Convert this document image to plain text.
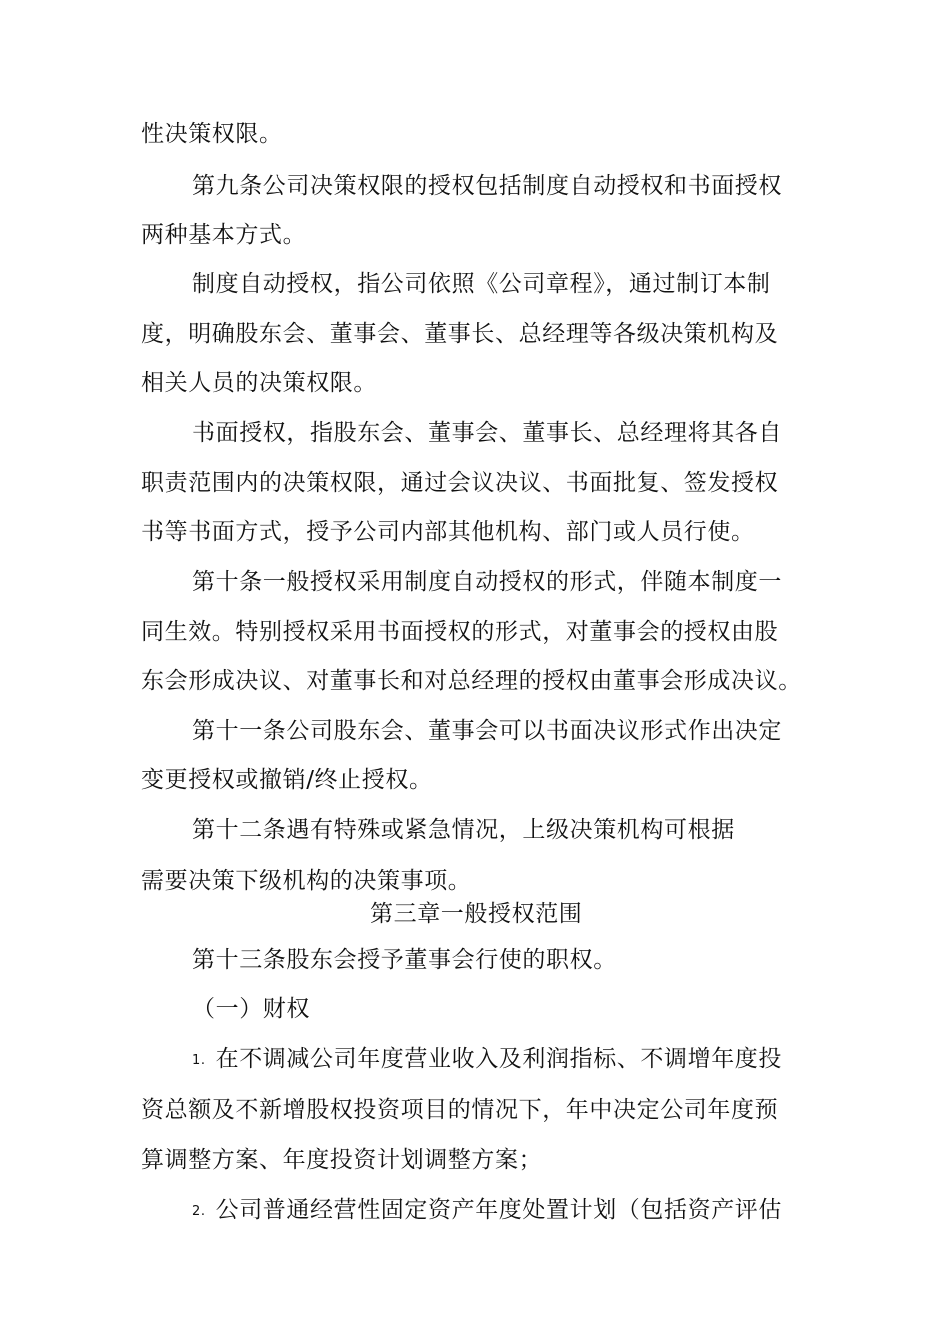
性决策权限。
第九条公司决策权限的授权包括制度自动授权和书面授权
两种基本方式。
制度自动授权，指公司依照《公司章程》，通过制订本制
度，明确股东会、董事会、董事长、总经理等各级决策机构及
相关人员的决策权限。
书面授权，指股东会、董事会、董事长、总经理将其各自
职责范围内的决策权限，通过会议决议、书面批复、签发授权
书等书面方式，授予公司内部其他机构、部门或人员行使。
第十条一般授权采用制度自动授权的形式，伴随本制度一
同生效。特别授权采用书面授权的形式，对董事会的授权由股
东会形成决议、对董事长和对总经理的授权由董事会形成决议。
第十一条公司股东会、董事会可以书面决议形式作出决定
变更授权或撤销/终止授权。
第十二条遇有特殊或紧急情况，上级决策机构可根据
需要决策下级机构的决策事项。
第三章一般授权范围
第十三条股东会授予董事会行使的职权。
（一）财权
1. 在不调减公司年度营业收入及利润指标、不调增年度投
资总额及不新增股权投资项目的情况下，年中决定公司年度预
算调整方案、年度投资计划调整方案；
2. 公司普通经营性固定资产年度处置计划（包括资产评估
